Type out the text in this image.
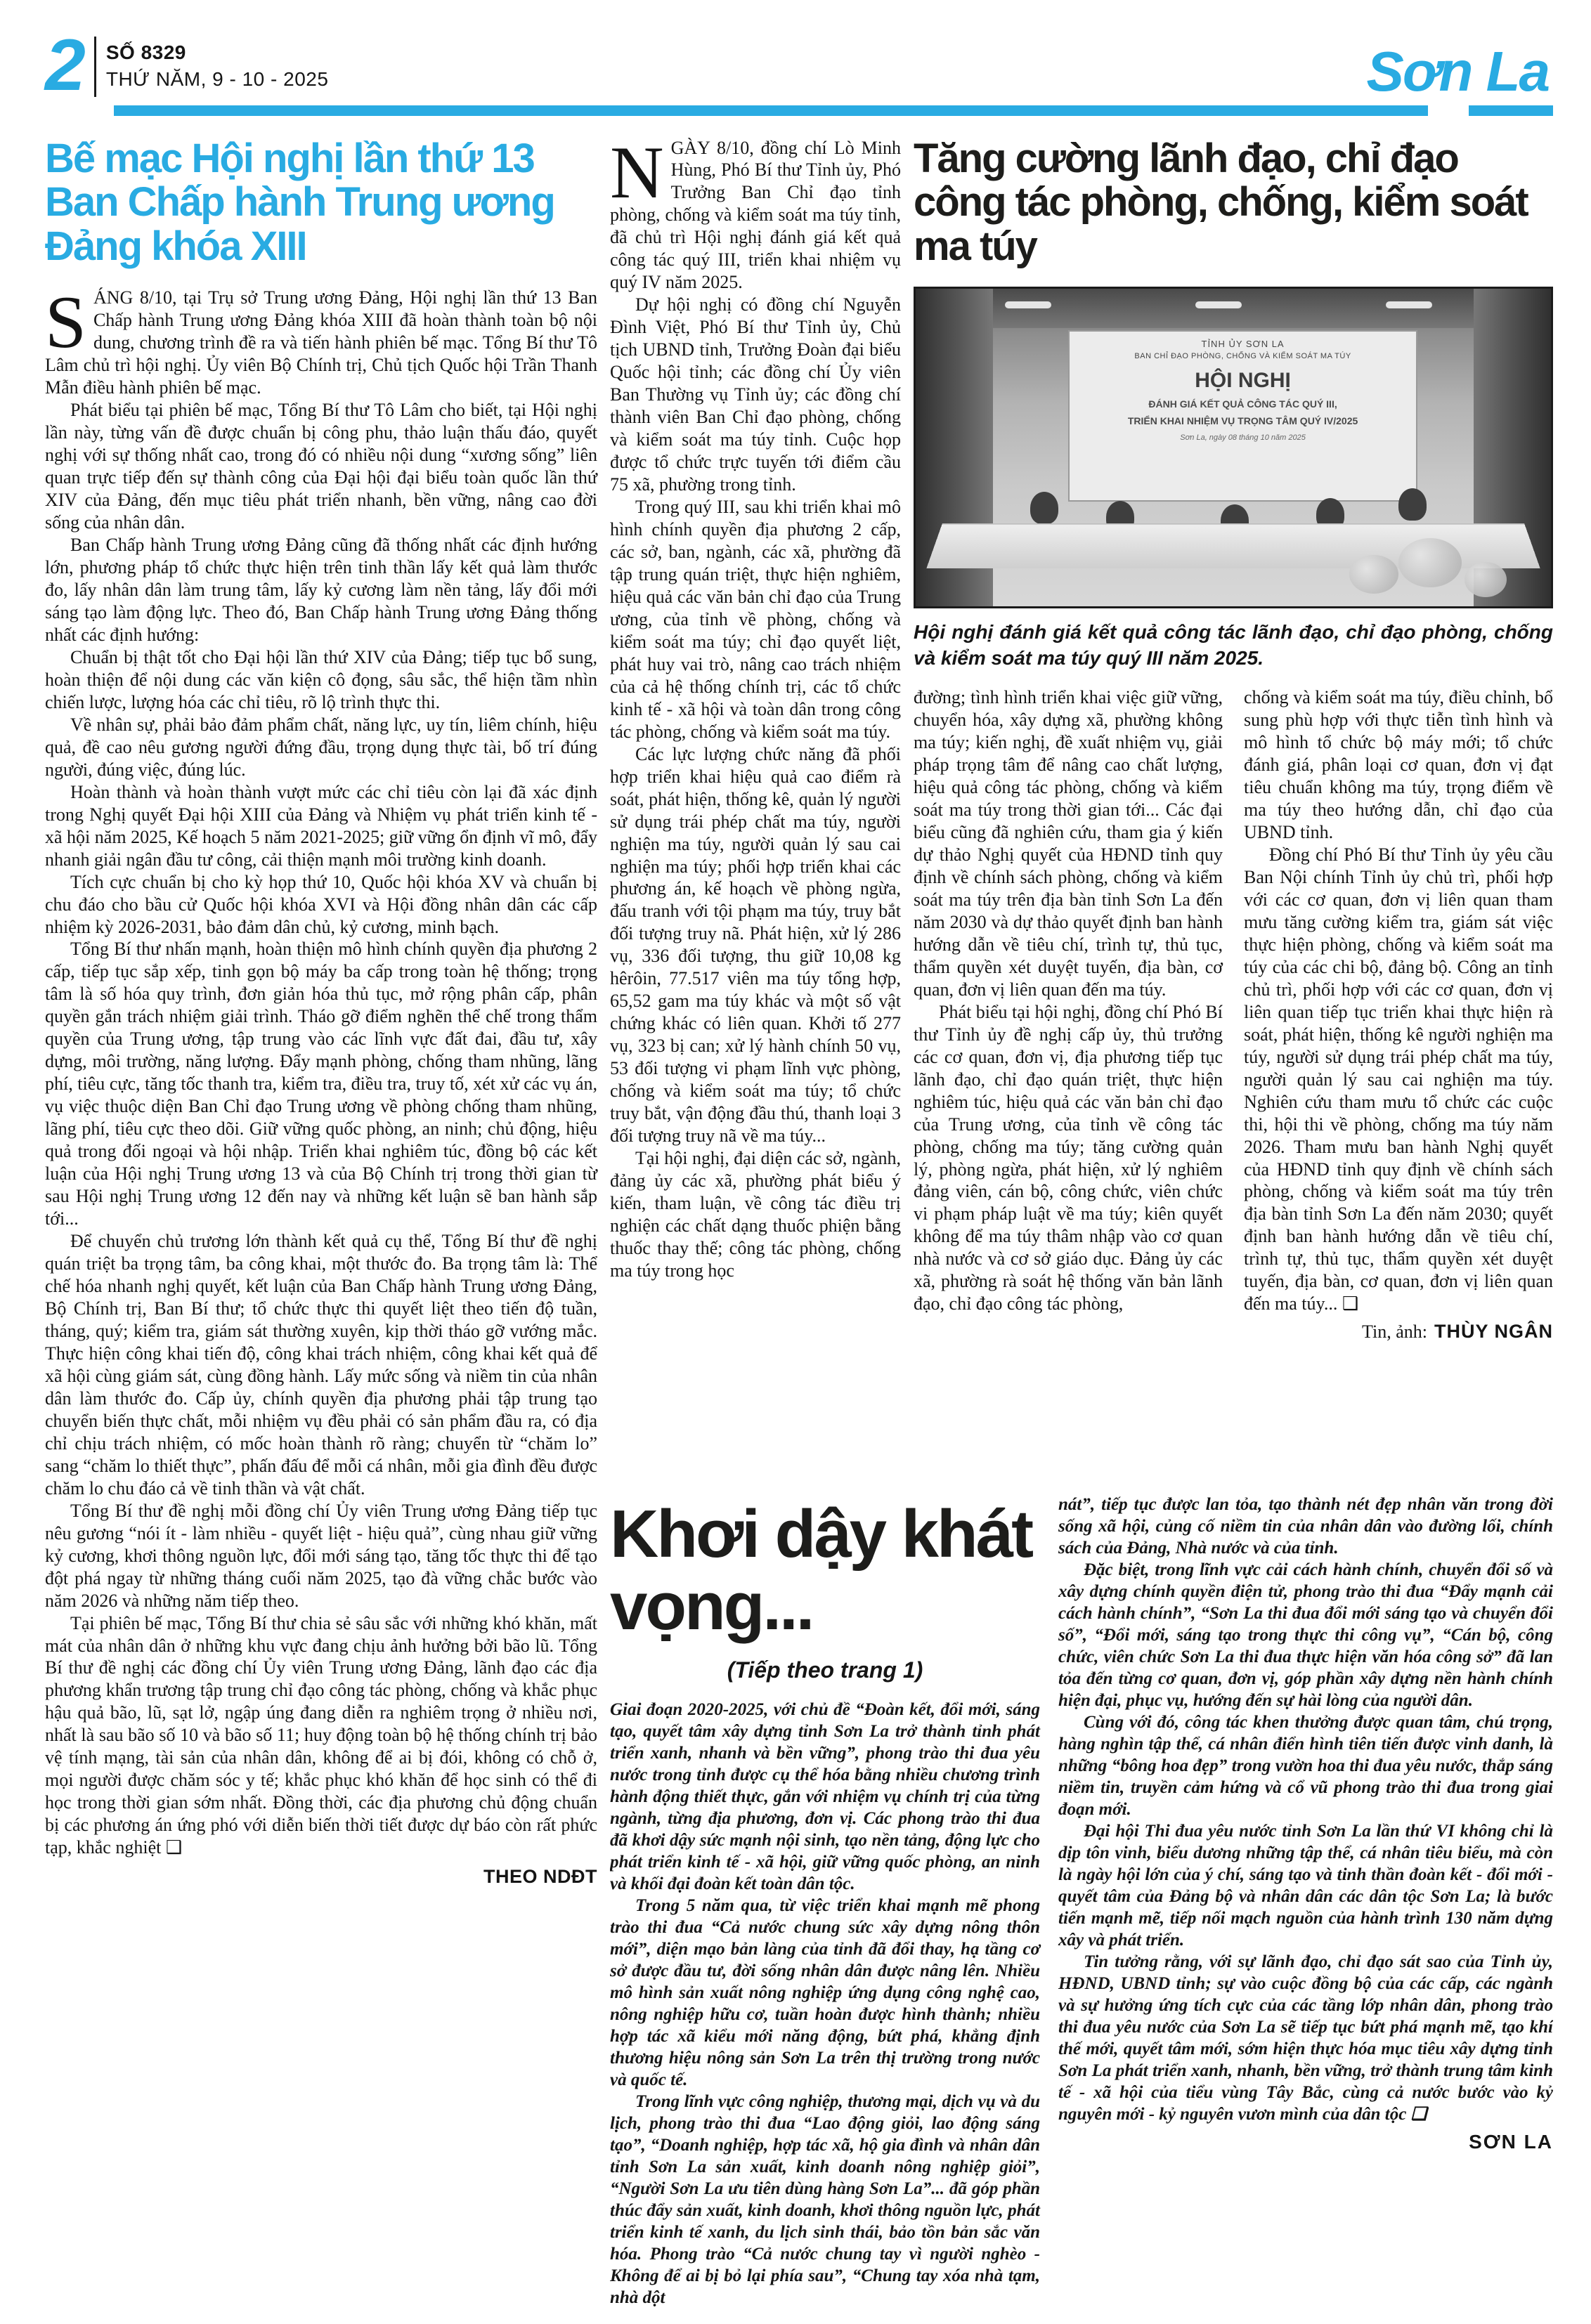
2 SỐ 8329
THỨ NĂM, 9 - 10 - 2025	Sơn La
Bế mạc Hội nghị lần thứ 13 Ban Chấp hành Trung ương Đảng khóa XIII

SÁNG 8/10, tại Trụ sở Trung ương Đảng, Hội nghị lần thứ 13 Ban Chấp hành Trung ương Đảng khóa XIII đã hoàn thành toàn bộ nội dung, chương trình đề ra và tiến hành phiên bế mạc. Tổng Bí thư Tô Lâm chủ trì hội nghị. Ủy viên Bộ Chính trị, Chủ tịch Quốc hội Trần Thanh Mẫn điều hành phiên bế mạc.

Phát biểu tại phiên bế mạc, Tổng Bí thư Tô Lâm cho biết, tại Hội nghị lần này, từng vấn đề được chuẩn bị công phu, thảo luận thấu đáo, quyết nghị với sự thống nhất cao, trong đó có nhiều nội dung “xương sống” liên quan trực tiếp đến sự thành công của Đại hội đại biểu toàn quốc lần thứ XIV của Đảng, đến mục tiêu phát triển nhanh, bền vững, nâng cao đời sống của nhân dân.

Ban Chấp hành Trung ương Đảng cũng đã thống nhất các định hướng lớn, phương pháp tổ chức thực hiện trên tinh thần lấy kết quả làm thước đo, lấy nhân dân làm trung tâm, lấy kỷ cương làm nền tảng, lấy đổi mới sáng tạo làm động lực. Theo đó, Ban Chấp hành Trung ương Đảng thống nhất các định hướng:

Chuẩn bị thật tốt cho Đại hội lần thứ XIV của Đảng; tiếp tục bổ sung, hoàn thiện để nội dung các văn kiện cô đọng, sâu sắc, thể hiện tầm nhìn chiến lược, lượng hóa các chỉ tiêu, rõ lộ trình thực thi.

Về nhân sự, phải bảo đảm phẩm chất, năng lực, uy tín, liêm chính, hiệu quả, đề cao nêu gương người đứng đầu, trọng dụng thực tài, bố trí đúng người, đúng việc, đúng lúc.

Hoàn thành và hoàn thành vượt mức các chỉ tiêu còn lại đã xác định trong Nghị quyết Đại hội XIII của Đảng và Nhiệm vụ phát triển kinh tế - xã hội năm 2025, Kế hoạch 5 năm 2021-2025; giữ vững ổn định vĩ mô, đẩy nhanh giải ngân đầu tư công, cải thiện mạnh môi trường kinh doanh.

Tích cực chuẩn bị cho kỳ họp thứ 10, Quốc hội khóa XV và chuẩn bị chu đáo cho bầu cử Quốc hội khóa XVI và Hội đồng nhân dân các cấp nhiệm kỳ 2026-2031, bảo đảm dân chủ, kỷ cương, minh bạch.

Tổng Bí thư nhấn mạnh, hoàn thiện mô hình chính quyền địa phương 2 cấp, tiếp tục sắp xếp, tinh gọn bộ máy ba cấp trong toàn hệ thống; trọng tâm là số hóa quy trình, đơn giản hóa thủ tục, mở rộng phân cấp, phân quyền gắn trách nhiệm giải trình. Tháo gỡ điểm nghẽn thể chế trong thẩm quyền của Trung ương, tập trung vào các lĩnh vực đất đai, đầu tư, xây dựng, môi trường, năng lượng. Đẩy mạnh phòng, chống tham nhũng, lãng phí, tiêu cực, tăng tốc thanh tra, kiểm tra, điều tra, truy tố, xét xử các vụ án, vụ việc thuộc diện Ban Chỉ đạo Trung ương về phòng chống tham nhũng, lãng phí, tiêu cực theo dõi. Giữ vững quốc phòng, an ninh; chủ động, hiệu quả trong đối ngoại và hội nhập. Triển khai nghiêm túc, đồng bộ các kết luận của Hội nghị Trung ương 13 và của Bộ Chính trị trong thời gian từ sau Hội nghị Trung ương 12 đến nay và những kết luận sẽ ban hành sắp tới...

Để chuyển chủ trương lớn thành kết quả cụ thể, Tổng Bí thư đề nghị quán triệt ba trọng tâm, ba công khai, một thước đo. Ba trọng tâm là: Thể chế hóa nhanh nghị quyết, kết luận của Ban Chấp hành Trung ương Đảng, Bộ Chính trị, Ban Bí thư; tổ chức thực thi quyết liệt theo tiến độ tuần, tháng, quý; kiểm tra, giám sát thường xuyên, kịp thời tháo gỡ vướng mắc. Thực hiện công khai tiến độ, công khai trách nhiệm, công khai kết quả để xã hội cùng giám sát, cùng đồng hành. Lấy mức sống và niềm tin của nhân dân làm thước đo. Cấp ủy, chính quyền địa phương phải tập trung tạo chuyển biến thực chất, mỗi nhiệm vụ đều phải có sản phẩm đầu ra, có địa chỉ chịu trách nhiệm, có mốc hoàn thành rõ ràng; chuyển từ “chăm lo” sang “chăm lo thiết thực”, phấn đấu để mỗi cá nhân, mỗi gia đình đều được chăm lo chu đáo cả về tinh thần và vật chất.

Tổng Bí thư đề nghị mỗi đồng chí Ủy viên Trung ương Đảng tiếp tục nêu gương “nói ít - làm nhiều - quyết liệt - hiệu quả”, cùng nhau giữ vững kỷ cương, khơi thông nguồn lực, đổi mới sáng tạo, tăng tốc thực thi để tạo đột phá ngay từ những tháng cuối năm 2025, tạo đà vững chắc bước vào năm 2026 và những năm tiếp theo.

Tại phiên bế mạc, Tổng Bí thư chia sẻ sâu sắc với những khó khăn, mất mát của nhân dân ở những khu vực đang chịu ảnh hưởng bởi bão lũ. Tổng Bí thư đề nghị các đồng chí Ủy viên Trung ương Đảng, lãnh đạo các địa phương khẩn trương tập trung chỉ đạo công tác phòng, chống và khắc phục hậu quả bão, lũ, sạt lở, ngập úng đang diễn ra nghiêm trọng ở nhiều nơi, nhất là sau bão số 10 và bão số 11; huy động toàn bộ hệ thống chính trị bảo vệ tính mạng, tài sản của nhân dân, không để ai bị đói, không có chỗ ở, mọi người được chăm sóc y tế; khắc phục khó khăn để học sinh có thể đi học trong thời gian sớm nhất. Đồng thời, các địa phương chủ động chuẩn bị các phương án ứng phó với diễn biến thời tiết được dự báo còn rất phức tạp, khắc nghiệt ❑

THEO NDĐT

NGÀY 8/10, đồng chí Lò Minh Hùng, Phó Bí thư Tỉnh ủy, Phó Trưởng Ban Chỉ đạo tỉnh phòng, chống và kiểm soát ma túy tỉnh, đã chủ trì Hội nghị đánh giá kết quả công tác quý III, triển khai nhiệm vụ quý IV năm 2025.

Dự hội nghị có đồng chí Nguyễn Đình Việt, Phó Bí thư Tỉnh ủy, Chủ tịch UBND tỉnh, Trưởng Đoàn đại biểu Quốc hội tỉnh; các đồng chí Ủy viên Ban Thường vụ Tỉnh ủy; các đồng chí thành viên Ban Chỉ đạo phòng, chống và kiểm soát ma túy tỉnh. Cuộc họp được tổ chức trực tuyến tới điểm cầu 75 xã, phường trong tỉnh.

Trong quý III, sau khi triển khai mô hình chính quyền địa phương 2 cấp, các sở, ban, ngành, các xã, phường đã tập trung quán triệt, thực hiện nghiêm, hiệu quả các văn bản chỉ đạo của Trung ương, của tỉnh về phòng, chống và kiểm soát ma túy; chỉ đạo quyết liệt, phát huy vai trò, nâng cao trách nhiệm của cả hệ thống chính trị, các tổ chức kinh tế - xã hội và toàn dân trong công tác phòng, chống và kiểm soát ma túy.

Các lực lượng chức năng đã phối hợp triển khai hiệu quả cao điểm rà soát, phát hiện, thống kê, quản lý người sử dụng trái phép chất ma túy, người nghiện ma túy, người quản lý sau cai nghiện ma túy; phối hợp triển khai các phương án, kế hoạch về phòng ngừa, đấu tranh với tội phạm ma túy, truy bắt đối tượng truy nã. Phát hiện, xử lý 286 vụ, 336 đối tượng, thu giữ 10,08 kg hêrôin, 77.517 viên ma túy tổng hợp, 65,52 gam ma túy khác và một số vật chứng khác có liên quan. Khởi tố 277 vụ, 323 bị can; xử lý hành chính 50 vụ, 53 đối tượng vi phạm lĩnh vực phòng, chống và kiểm soát ma túy; tổ chức truy bắt, vận động đầu thú, thanh loại 3 đối tượng truy nã về ma túy...

Tại hội nghị, đại diện các sở, ngành, đảng ủy các xã, phường phát biểu ý kiến, tham luận, về công tác điều trị nghiện các chất dạng thuốc phiện bằng thuốc thay thế; công tác phòng, chống ma túy trong học

Tăng cường lãnh đạo, chỉ đạo công tác phòng, chống, kiểm soát ma túy
TỈNH ỦY SƠN LA
BAN CHỈ ĐẠO PHÒNG, CHỐNG VÀ KIỂM SOÁT MA TÚY
HỘI NGHỊ
ĐÁNH GIÁ KẾT QUẢ CÔNG TÁC QUÝ III,
TRIỂN KHAI NHIỆM VỤ TRỌNG TÂM QUÝ IV/2025
Sơn La, ngày 08 tháng 10 năm 2025
Hội nghị đánh giá kết quả công tác lãnh đạo, chỉ đạo phòng, chống và kiểm soát ma túy quý III năm 2025.

đường; tình hình triển khai việc giữ vững, chuyển hóa, xây dựng xã, phường không ma túy; kiến nghị, đề xuất nhiệm vụ, giải pháp trọng tâm để nâng cao chất lượng, hiệu quả công tác phòng, chống và kiểm soát ma túy trong thời gian tới... Các đại biểu cũng đã nghiên cứu, tham gia ý kiến dự thảo Nghị quyết của HĐND tỉnh quy định về chính sách phòng, chống và kiểm soát ma túy trên địa bàn tỉnh Sơn La đến năm 2030 và dự thảo quyết định ban hành hướng dẫn về tiêu chí, trình tự, thủ tục, thẩm quyền xét duyệt tuyến, địa bàn, cơ quan, đơn vị liên quan đến ma túy.

Phát biểu tại hội nghị, đồng chí Phó Bí thư Tỉnh ủy đề nghị cấp ủy, thủ trưởng các cơ quan, đơn vị, địa phương tiếp tục lãnh đạo, chỉ đạo quán triệt, thực hiện nghiêm túc, hiệu quả các văn bản chỉ đạo của Trung ương, của tỉnh về công tác phòng, chống ma túy; tăng cường quản lý, phòng ngừa, phát hiện, xử lý nghiêm đảng viên, cán bộ, công chức, viên chức vi phạm pháp luật về ma túy; kiên quyết không để ma túy thâm nhập vào cơ quan nhà nước và cơ sở giáo dục. Đảng ủy các xã, phường rà soát hệ thống văn bản lãnh đạo, chỉ đạo công tác phòng,

chống và kiểm soát ma túy, điều chỉnh, bổ sung phù hợp với thực tiễn tình hình và mô hình tổ chức bộ máy mới; tổ chức đánh giá, phân loại cơ quan, đơn vị đạt tiêu chuẩn không ma túy, trọng điểm về ma túy theo hướng dẫn, chỉ đạo của UBND tỉnh.

Đồng chí Phó Bí thư Tỉnh ủy yêu cầu Ban Nội chính Tỉnh ủy chủ trì, phối hợp với các cơ quan, đơn vị liên quan tham mưu tăng cường kiểm tra, giám sát việc thực hiện phòng, chống và kiểm soát ma túy của các chi bộ, đảng bộ. Công an tỉnh chủ trì, phối hợp với các cơ quan, đơn vị liên quan tiếp tục triển khai thực hiện rà soát, phát hiện, thống kê người nghiện ma túy, người sử dụng trái phép chất ma túy, người quản lý sau cai nghiện ma túy. Nghiên cứu tham mưu tổ chức các cuộc thi, hội thi về phòng, chống ma túy năm 2026. Tham mưu ban hành Nghị quyết của HĐND tỉnh quy định về chính sách phòng, chống và kiểm soát ma túy trên địa bàn tỉnh Sơn La đến năm 2030; quyết định ban hành hướng dẫn về tiêu chí, trình tự, thủ tục, thẩm quyền xét duyệt tuyến, địa bàn, cơ quan, đơn vị liên quan đến ma túy... ❑

Tin, ảnh: THÙY NGÂN
Khơi dậy khát vọng...
(Tiếp theo trang 1)

Giai đoạn 2020-2025, với chủ đề “Đoàn kết, đổi mới, sáng tạo, quyết tâm xây dựng tỉnh Sơn La trở thành tỉnh phát triển xanh, nhanh và bền vững”, phong trào thi đua yêu nước trong tỉnh được cụ thể hóa bằng nhiều chương trình hành động thiết thực, gắn với nhiệm vụ chính trị của từng ngành, từng địa phương, đơn vị. Các phong trào thi đua đã khơi dậy sức mạnh nội sinh, tạo nền tảng, động lực cho phát triển kinh tế - xã hội, giữ vững quốc phòng, an ninh và khối đại đoàn kết toàn dân tộc.

Trong 5 năm qua, từ việc triển khai mạnh mẽ phong trào thi đua “Cả nước chung sức xây dựng nông thôn mới”, diện mạo bản làng của tỉnh đã đổi thay, hạ tầng cơ sở được đầu tư, đời sống nhân dân được nâng lên. Nhiều mô hình sản xuất nông nghiệp ứng dụng công nghệ cao, nông nghiệp hữu cơ, tuần hoàn được hình thành; nhiều hợp tác xã kiểu mới năng động, bứt phá, khẳng định thương hiệu nông sản Sơn La trên thị trường trong nước và quốc tế.

Trong lĩnh vực công nghiệp, thương mại, dịch vụ và du lịch, phong trào thi đua “Lao động giỏi, lao động sáng tạo”, “Doanh nghiệp, hợp tác xã, hộ gia đình và nhân dân tỉnh Sơn La sản xuất, kinh doanh nông nghiệp giỏi”, “Người Sơn La ưu tiên dùng hàng Sơn La”... đã góp phần thúc đẩy sản xuất, kinh doanh, khơi thông nguồn lực, phát triển kinh tế xanh, du lịch sinh thái, bảo tồn bản sắc văn hóa. Phong trào “Cả nước chung tay vì người nghèo - Không để ai bị bỏ lại phía sau”, “Chung tay xóa nhà tạm, nhà dột

nát”, tiếp tục được lan tỏa, tạo thành nét đẹp nhân văn trong đời sống xã hội, củng cố niềm tin của nhân dân vào đường lối, chính sách của Đảng, Nhà nước và của tỉnh.

Đặc biệt, trong lĩnh vực cải cách hành chính, chuyển đổi số và xây dựng chính quyền điện tử, phong trào thi đua “Đẩy mạnh cải cách hành chính”, “Sơn La thi đua đổi mới sáng tạo và chuyển đổi số”, “Đổi mới, sáng tạo trong thực thi công vụ”, “Cán bộ, công chức, viên chức Sơn La thi đua thực hiện văn hóa công sở” đã lan tỏa đến từng cơ quan, đơn vị, góp phần xây dựng nền hành chính hiện đại, phục vụ, hướng đến sự hài lòng của người dân.

Cùng với đó, công tác khen thưởng được quan tâm, chú trọng, hàng nghìn tập thể, cá nhân điển hình tiên tiến được vinh danh, là những “bông hoa đẹp” trong vườn hoa thi đua yêu nước, thắp sáng niềm tin, truyền cảm hứng và cổ vũ phong trào thi đua trong giai đoạn mới.

Đại hội Thi đua yêu nước tỉnh Sơn La lần thứ VI không chỉ là dịp tôn vinh, biểu dương những tập thể, cá nhân tiêu biểu, mà còn là ngày hội lớn của ý chí, sáng tạo và tinh thần đoàn kết - đổi mới - quyết tâm của Đảng bộ và nhân dân các dân tộc Sơn La; là bước tiến mạnh mẽ, tiếp nối mạch nguồn của hành trình 130 năm dựng xây và phát triển.

Tin tưởng rằng, với sự lãnh đạo, chỉ đạo sát sao của Tỉnh ủy, HĐND, UBND tỉnh; sự vào cuộc đồng bộ của các cấp, các ngành và sự hưởng ứng tích cực của các tầng lớp nhân dân, phong trào thi đua yêu nước của Sơn La sẽ tiếp tục bứt phá mạnh mẽ, tạo khí thế mới, quyết tâm mới, sớm hiện thực hóa mục tiêu xây dựng tỉnh Sơn La phát triển xanh, nhanh, bền vững, trở thành trung tâm kinh tế - xã hội của tiểu vùng Tây Bắc, cùng cả nước bước vào kỷ nguyên mới - kỷ nguyên vươn mình của dân tộc ❑

SƠN LA
